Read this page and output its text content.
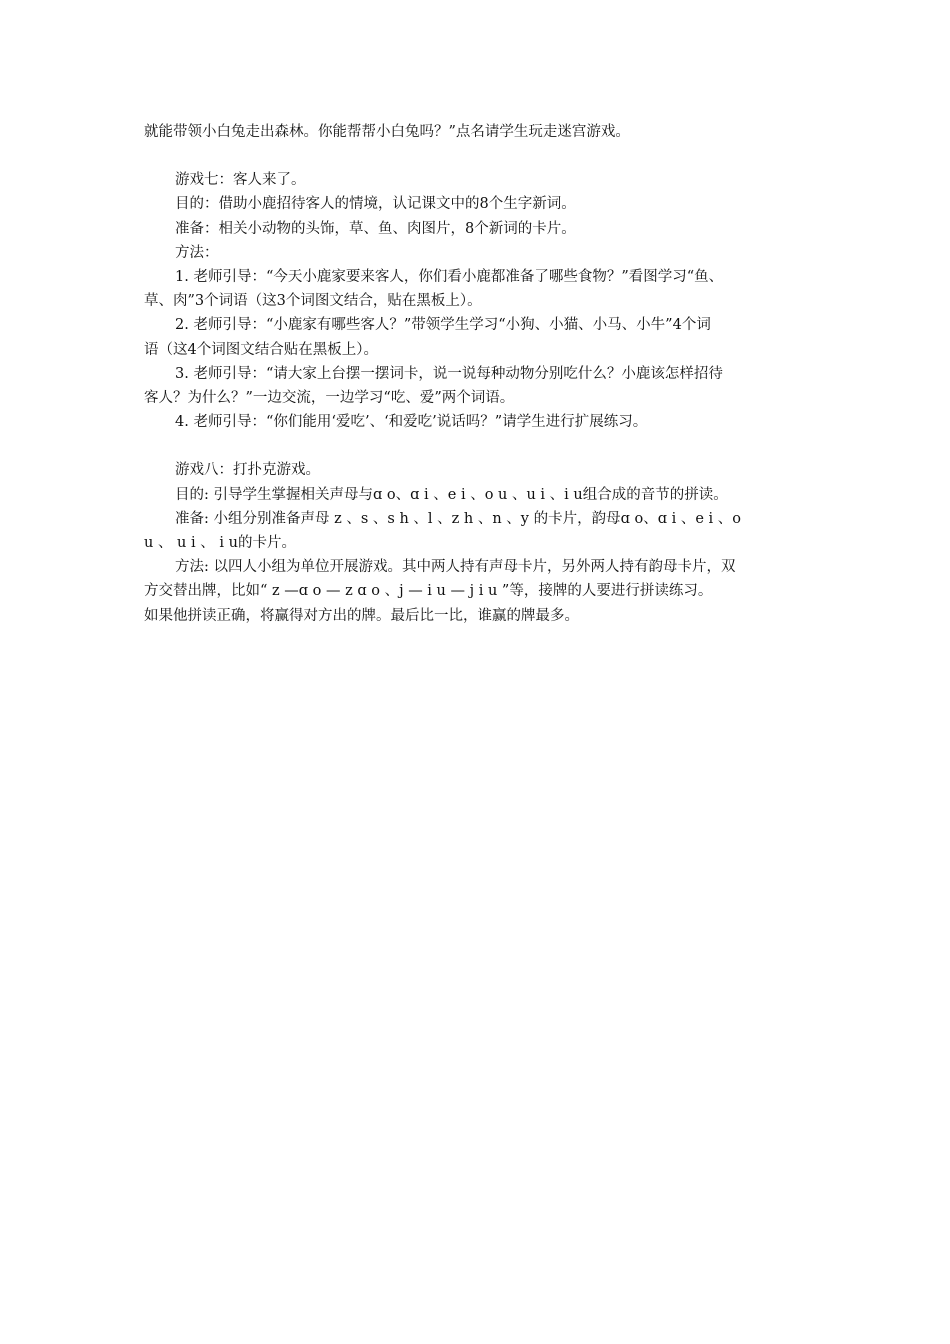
就能带领小白兔走出森林。你能帮帮小白兔吗？”点名请学生玩走迷宫游戏。

游戏七：客人来了。

目的：借助小鹿招待客人的情境，认记课文中的8个生字新词。

准备：相关小动物的头饰，草、鱼、肉图片，8个新词的卡片。

方法：

1. 老师引导：“今天小鹿家要来客人，你们看小鹿都准备了哪些食物？”看图学习“鱼、

草、肉”3个词语（这3个词图文结合，贴在黑板上）。

2. 老师引导：“小鹿家有哪些客人？”带领学生学习“小狗、小猫、小马、小牛”4个词

语（这4个词图文结合贴在黑板上）。

3. 老师引导：“请大家上台摆一摆词卡，说一说每种动物分别吃什么？小鹿该怎样招待

客人？为什么？”一边交流，一边学习“吃、爱”两个词语。

4. 老师引导：“你们能用‘爱吃’、‘和爱吃’说话吗？”请学生进行扩展练习。

游戏八：打扑克游戏。

目的: 引导学生掌握相关声母与ɑ o、ɑ i 、e i 、o u 、u i 、i u组合成的音节的拼读。

准备: 小组分别准备声母 z 、s 、s h 、l 、z h 、n 、y 的卡片，韵母ɑ o、ɑ i 、e i 、o

u 、 u i 、 i u的卡片。

方法: 以四人小组为单位开展游戏。其中两人持有声母卡片，另外两人持有韵母卡片，双

方交替出牌，比如“ z —ɑ o — z ɑ o 、j — i u — j i u ”等，接牌的人要进行拼读练习。

如果他拼读正确，将赢得对方出的牌。最后比一比，谁赢的牌最多。
